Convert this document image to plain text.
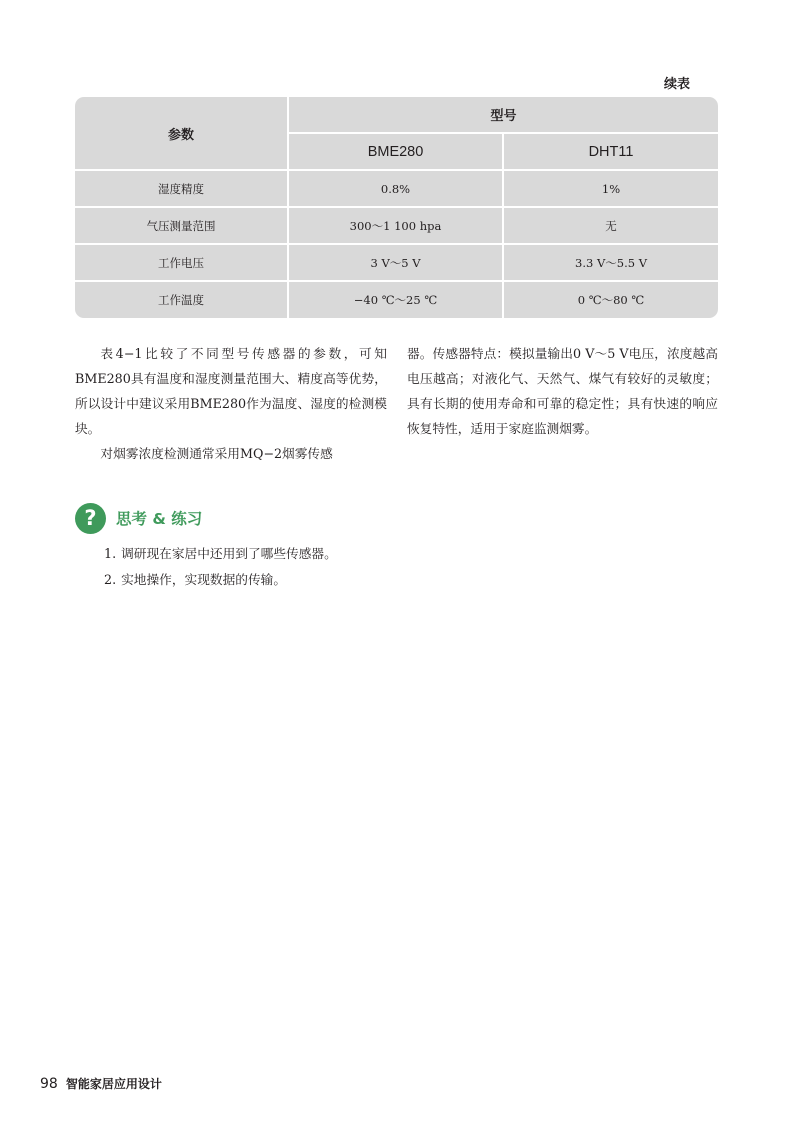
续表
参数	型号	
	BME280	DHT11
湿度精度	0.8%	1%
气压测量范围	300～1 100 hpa	无
工作电压	3 V～5 V	3.3 V～5.5 V
工作温度	−40 ℃～25 ℃	0 ℃～80 ℃

表4−1比较了不同型号传感器的参数，可知BME280具有温度和湿度测量范围大、精度高等优势，所以设计中建议采用BME280作为温度、湿度的检测模块。

对烟雾浓度检测通常采用MQ−2烟雾传感

器。传感器特点：模拟量输出0 V～5 V电压，浓度越高电压越高；对液化气、天然气、煤气有较好的灵敏度；具有长期的使用寿命和可靠的稳定性；具有快速的响应恢复特性，适用于家庭监测烟雾。

?	思考 & 练习
1. 调研现在家居中还用到了哪些传感器。
2. 实地操作，实现数据的传输。
98 智能家居应用设计
